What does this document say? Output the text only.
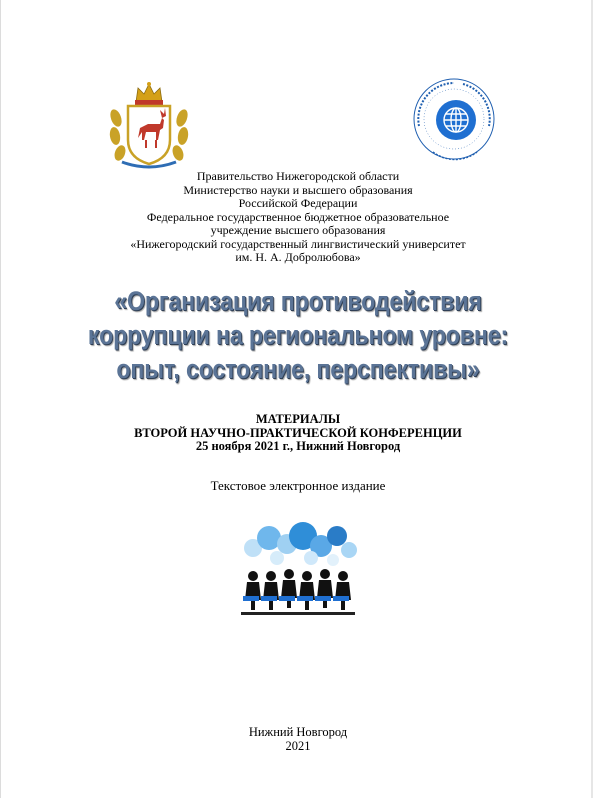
Правительство Нижегородской области
Министерство науки и высшего образования
Российской Федерации
Федеральное государственное бюджетное образовательное
учреждение высшего образования
«Нижегородский государственный лингвистический университет
им. Н. А. Добролюбова»
«Организация противодействия
коррупции на региональном уровне:
опыт, состояние, перспективы»
МАТЕРИАЛЫ
ВТОРОЙ НАУЧНО-ПРАКТИЧЕСКОЙ КОНФЕРЕНЦИИ
25 ноября 2021 г., Нижний Новгород
Текстовое электронное издание
Нижний Новгород
2021
